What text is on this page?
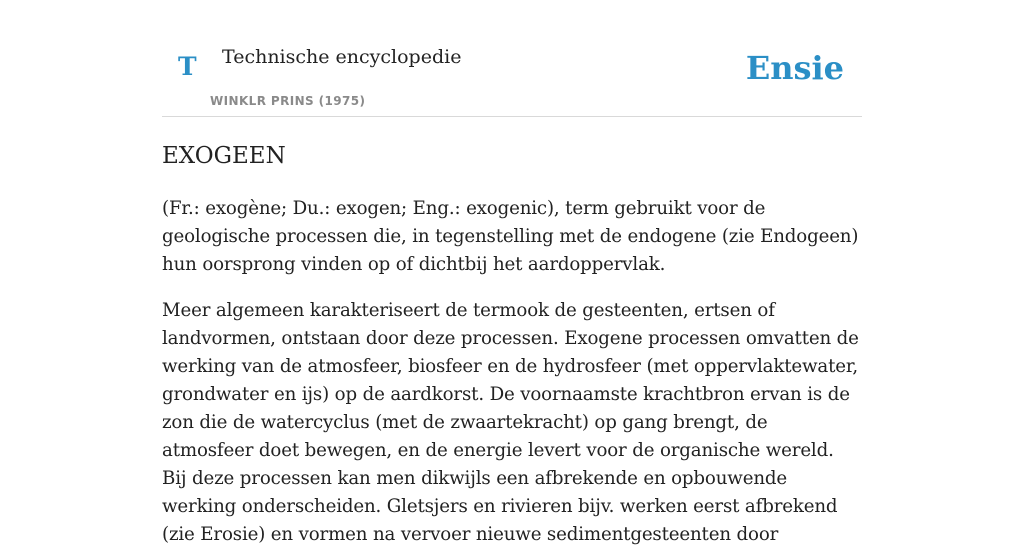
T Technische encyclopedie
WINKLR PRINS (1975)
Ensie
EXOGEEN

(Fr.: exogène; Du.: exogen; Eng.: exogenic), term gebruikt voor de geologische processen die, in tegenstelling met de endogene (zie Endogeen) hun oorsprong vinden op of dichtbij het aardoppervlak.

Meer algemeen karakteriseert de termook de gesteenten, ertsen of landvormen, ontstaan door deze processen. Exogene processen omvatten de werking van de atmosfeer, biosfeer en de hydrosfeer (met oppervlaktewater, grondwater en ijs) op de aardkorst. De voornaamste krachtbron ervan is de zon die de watercyclus (met de zwaartekracht) op gang brengt, de atmosfeer doet bewegen, en de energie levert voor de organische wereld. Bij deze processen kan men dikwijls een afbrekende en opbouwende werking onderscheiden. Gletsjers en rivieren bijv. werken eerst afbrekend (zie Erosie) en vormen na vervoer nieuwe sedimentgesteenten door
